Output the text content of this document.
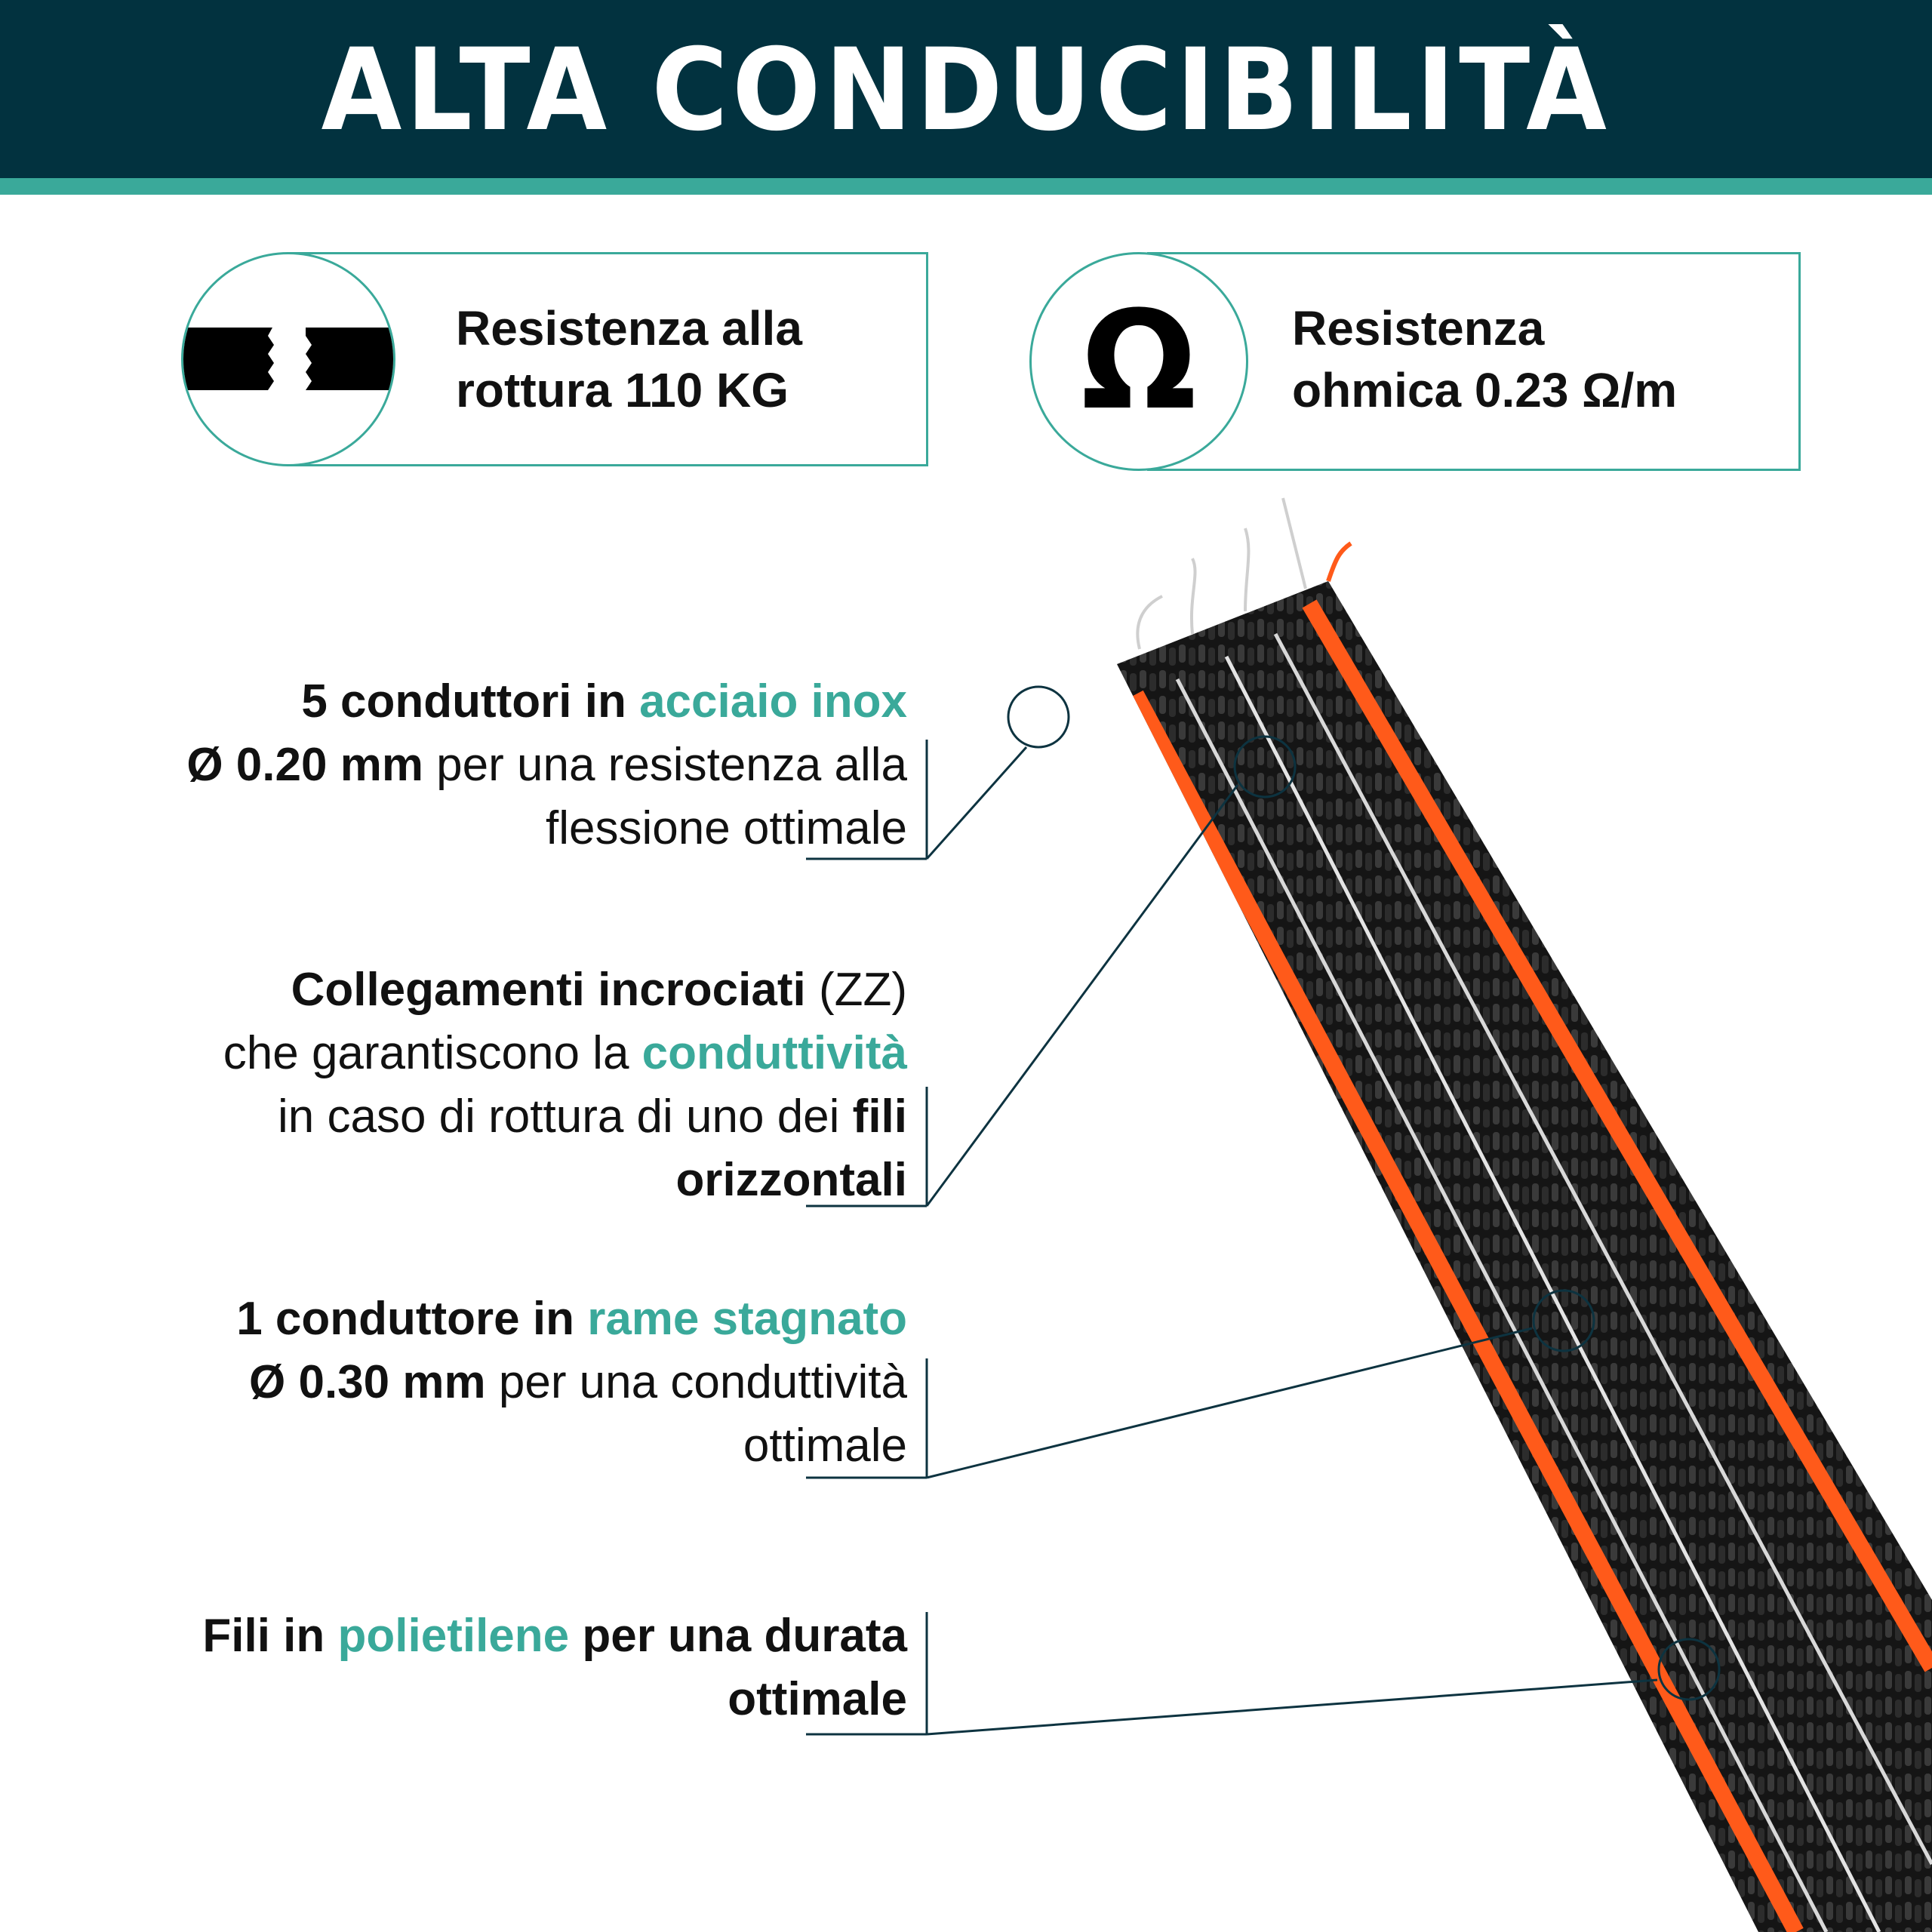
ALTA CONDUCIBILITÀ
Resistenza alla
rottura 110 KG	Ω	Resistenza
ohmica 0.23 Ω/m
5 conduttori in acciaio inox
Ø 0.20 mm per una resistenza alla
flessione ottimale
Collegamenti incrociati (ZZ)
che garantiscono la conduttività
in caso di rottura di uno dei fili
orizzontali
1 conduttore in rame stagnato
Ø 0.30 mm per una conduttività
ottimale
Fili in polietilene per una durata
ottimale
